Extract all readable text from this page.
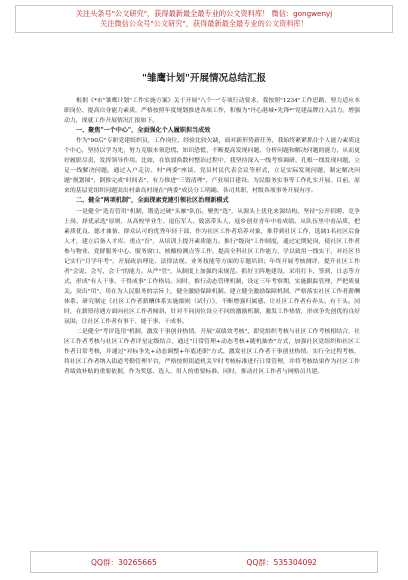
关注头条号"公文研究"，获得最新最全最专业的公文资料库！ 微信：gongwenyj
关注微信公众号"公文研究"，获得最新最全最专业的公文资料库！
"雏鹰计划"开展情况总结汇报

根据《*市"雏鹰计划"工作实施方案》关于开展"八个一"专项行动要求，我按照"1234"工作思路，努力适应本职岗位、提高自身能力素质，严格按照年度规划推进各项工作，积极为"丹心港城•先锋*"党建品牌注入活力。增强动力，现就工作开展情况汇报如下。

一、聚焦"一个中心"，全面强化个人履职担当成效

作为"90后"专职党建组织员，工作岗位、经验比较欠缺，面对新形势新任务，我始终紧紧抓住个人能力素质这个中心，坚持以学为先，努力克服本领恐慌、知识恐慌，不断提高发现问题、分析问题和解决问题的能力，从而更好履职尽责，发挥领导作用。比如，在软弱涣散村整治过程中，我坚持深入一线考察调研、孔根一线发现问题，立足一线解决问题。通过入户走访、村"两委"座谈、党员村民代表会议等形式，立足实际发现问题，制定解决问题"规划图"，倒推完成"时间表"，有力推进"三资清理"、产业项目建设。为民服务实事等工作扎实开展。目前，原来的基层党组织问题突出村桑岛村现在"两委"成员分工明确、各司其职，村级各项事务开展有序。

二、健全"两项机制"，全面探索党建引领社区治理新模式

一是健全"选育管用"机制，锻造过硬"头雁"队伍。聚焦"选"，从源头上优化来源结构。坚持"公开招聘、竞争上岗、择优录选"原则，从高校毕业生、退伍军人、致富带头人、返乡创业青年中看成绩、从队伍里中看品质，把素质优良、德才兼备、群众认可的优秀年轻干部，作为社区工作者培养对象，推荐到社区工作，选调1名社区后备人才，建立后备人才库。重点"育"，从培训上提升素质能力。推行"级岗"工作制度，通过定期轮岗，使社区工作者参与物业、党群服务中心、服务窗口、核酸检测点等工作，提高全科社区工作能力，学以致用一线实干，对社区书记实行"月学年考"，开展政治理论、法律法规、业务技能等方面的专题培训；年终开展考核测评，提升社区工作者"会说、会写、会干"的能力。从严"管"，从制度上加强约束规范。抓好主阵地建设，采用打卡、签到、日志等方式，形成"有人干事、干得成事"工作格局。同时，推行动态管理机制，设定三年考察期，实施跟踪管理，严把质量关。突出"用"，用在为人民服务的宗旨上，健全激励保障机制。建立健全激励保障机制，严格落实社区工作者薪酬体系、研究制定《社区工作者薪酬体系实施细则（试行）》，不断增强归属感、让社区工作者有奔头、有干头。同时，在薪资待遇方面向社区工作者倾斜，针对不同岗位设立不同的激励机制，激发工作热情，形成争先创优的良好氛围，让社区工作者有事干、能干事、干成事。

二是健全"考评选用"机制，激发干事创业热情。开展"双绩效考核"，即党组织考核与社区工作考核相结合，社区工作者考核与社区工作者评星定级结合，通过"日常管理+动态考核+随机抽查"方式，加强社区党组织和社区工作者日常考核，并通过"对标争先+动态调整+年底述职"方式，激发社区工作者干事创业热情。实行全过程考核，将社区工作者纳入街道考勤管理平台，严格按照街道机关平时考核标准进行日常管理，并将考核结果作为社区工作者绩效补贴的重要依据，作为奖惩、选人、用人的重要标准。同时，推动社区工作者与网格员共建。

QQ群：30265665	QQ群：535304092
